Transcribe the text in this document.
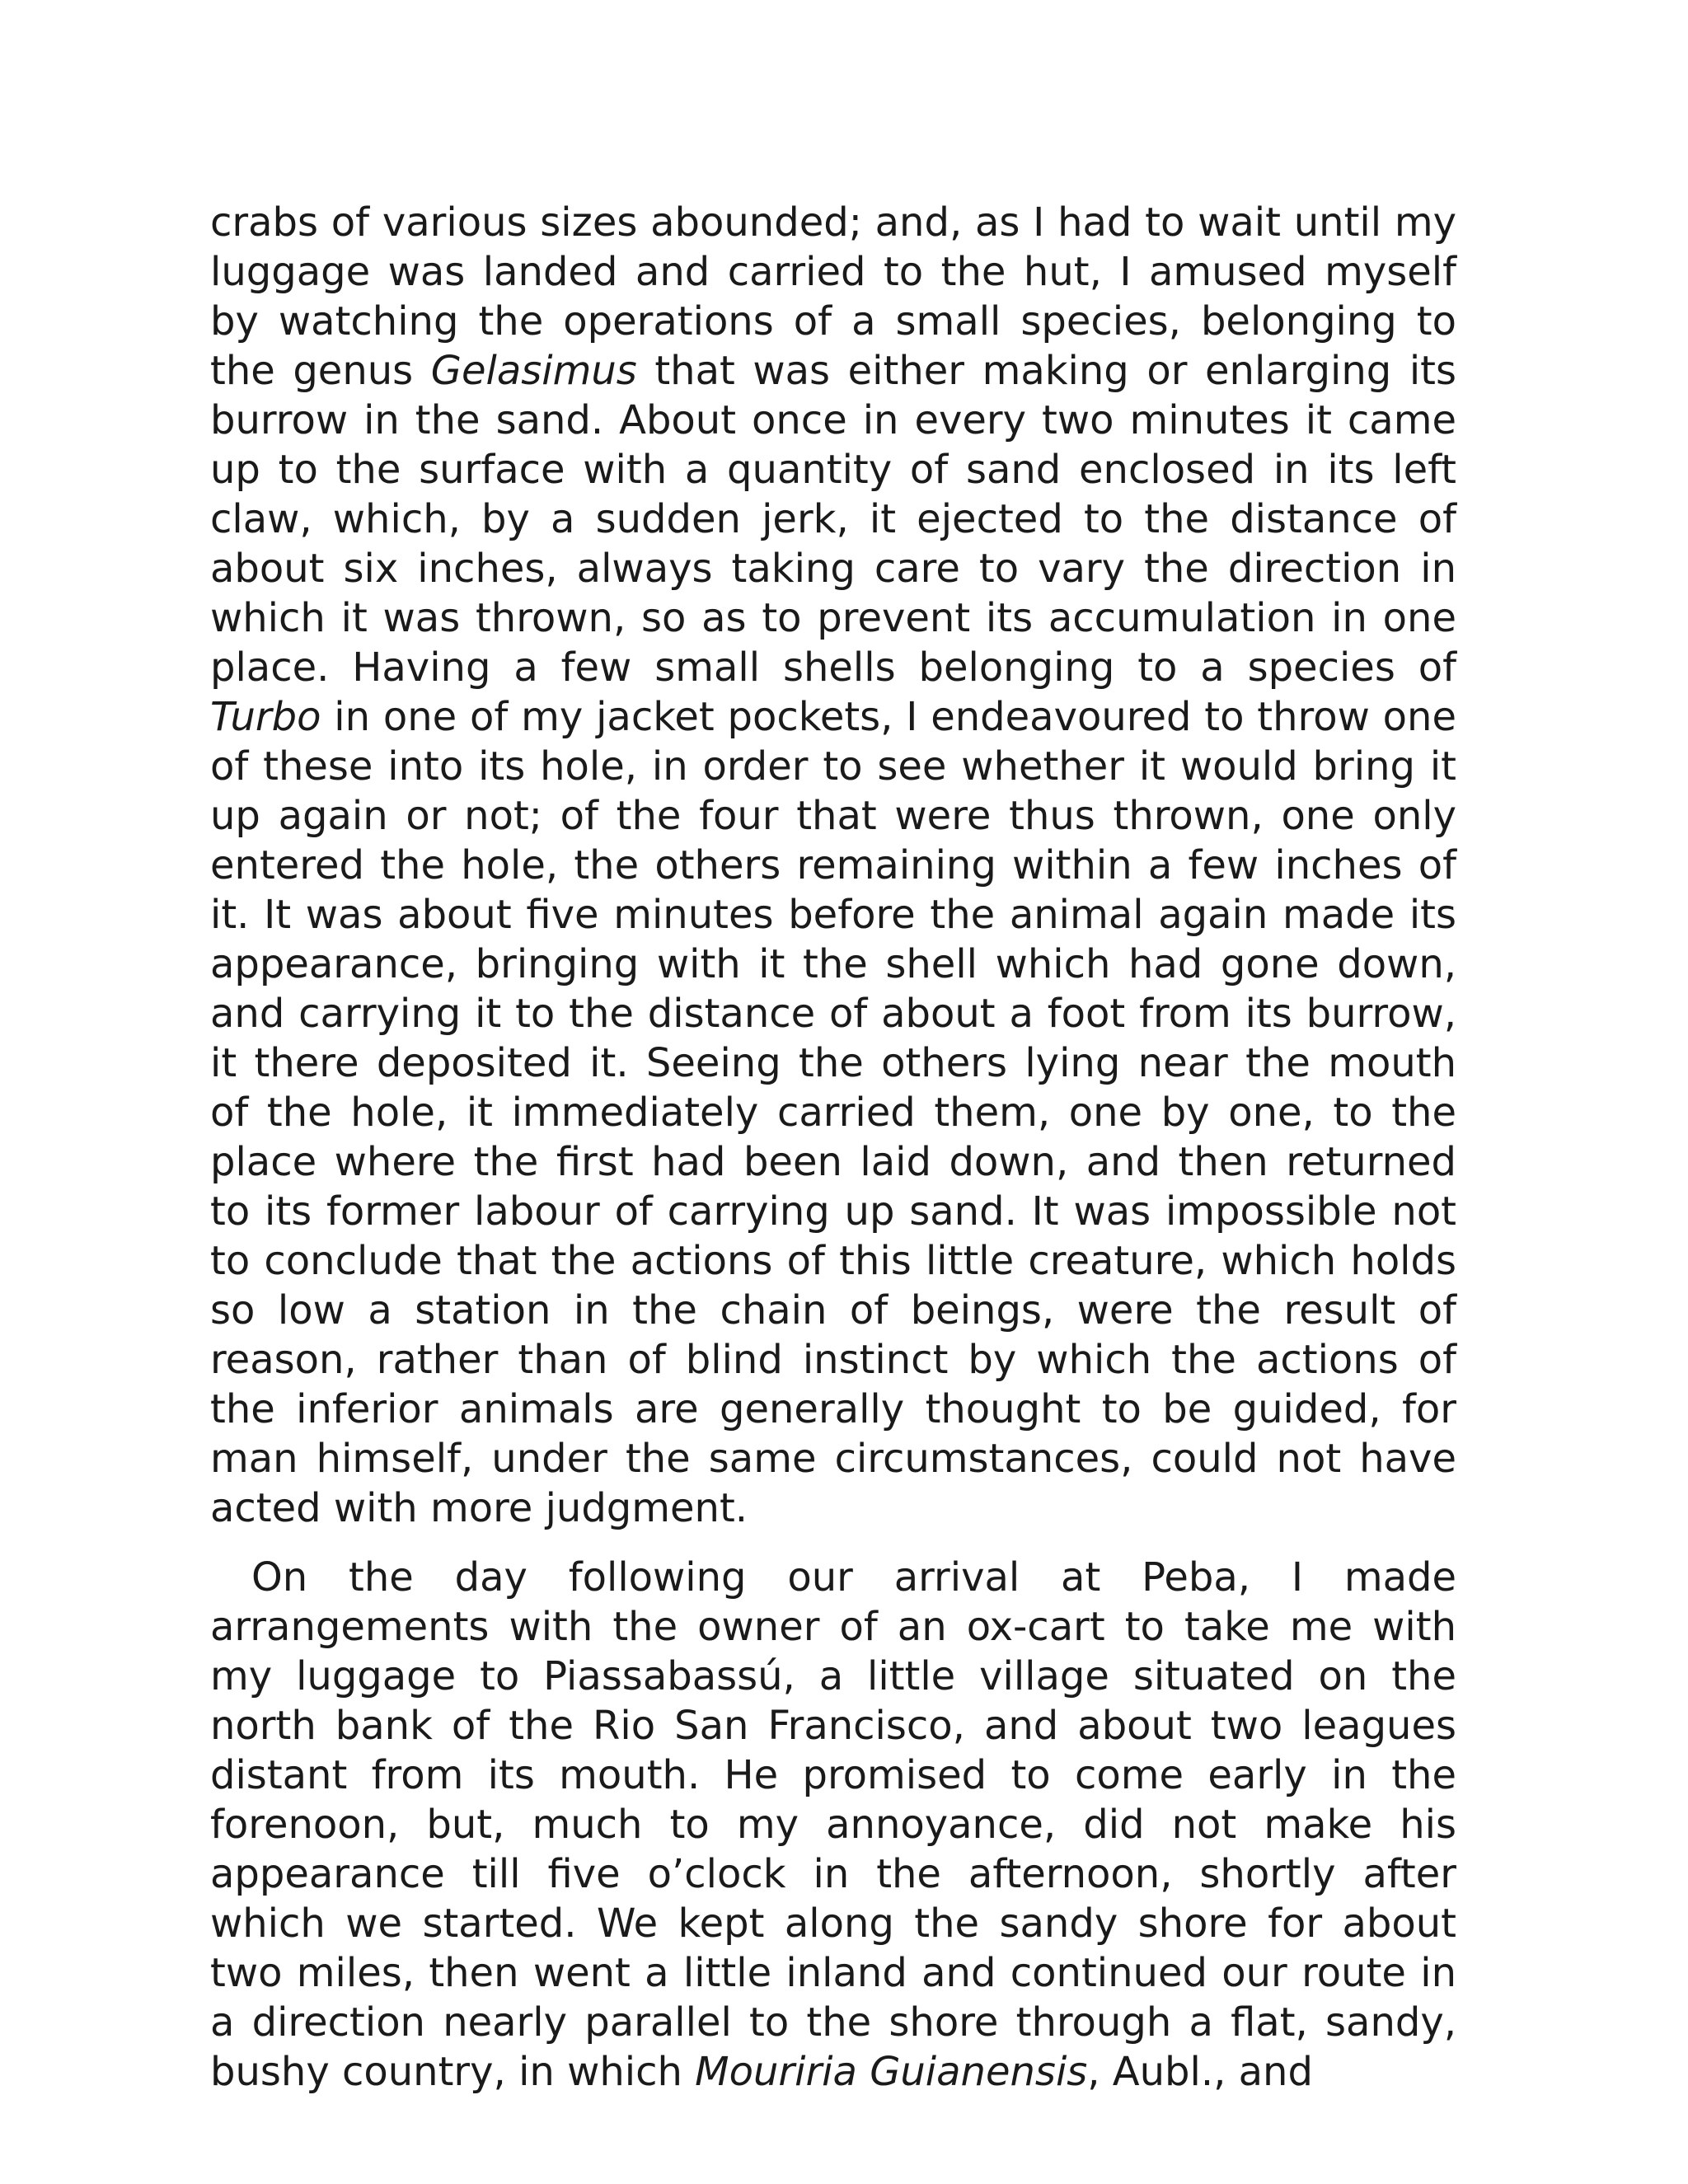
crabs of various sizes abounded; and, as I had to wait until my luggage was landed and carried to the hut, I amused myself by watching the operations of a small species, belonging to the genus Gelasimus that was either making or enlarging its burrow in the sand. About once in every two minutes it came up to the surface with a quantity of sand enclosed in its left claw, which, by a sudden jerk, it ejected to the distance of about six inches, always taking care to vary the direction in which it was thrown, so as to prevent its accumulation in one place. Having a few small shells belonging to a species of Turbo in one of my jacket pockets, I endeavoured to throw one of these into its hole, in order to see whether it would bring it up again or not; of the four that were thus thrown, one only entered the hole, the others remaining within a few inches of it. It was about five minutes before the animal again made its appearance, bringing with it the shell which had gone down, and carrying it to the distance of about a foot from its burrow, it there deposited it. Seeing the others lying near the mouth of the hole, it immediately carried them, one by one, to the place where the first had been laid down, and then returned to its former labour of carrying up sand. It was impossible not to conclude that the actions of this little creature, which holds so low a station in the chain of beings, were the result of reason, rather than of blind instinct by which the actions of the inferior animals are generally thought to be guided, for man himself, under the same circumstances, could not have acted with more judgment.

On the day following our arrival at Peba, I made arrangements with the owner of an ox-cart to take me with my luggage to Piassabassú, a little village situated on the north bank of the Rio San Francisco, and about two leagues distant from its mouth. He promised to come early in the forenoon, but, much to my annoyance, did not make his appearance till five o’clock in the afternoon, shortly after which we started. We kept along the sandy shore for about two miles, then went a little inland and continued our route in a direction nearly parallel to the shore through a flat, sandy, bushy country, in which Mouriria Guianensis, Aubl., and
